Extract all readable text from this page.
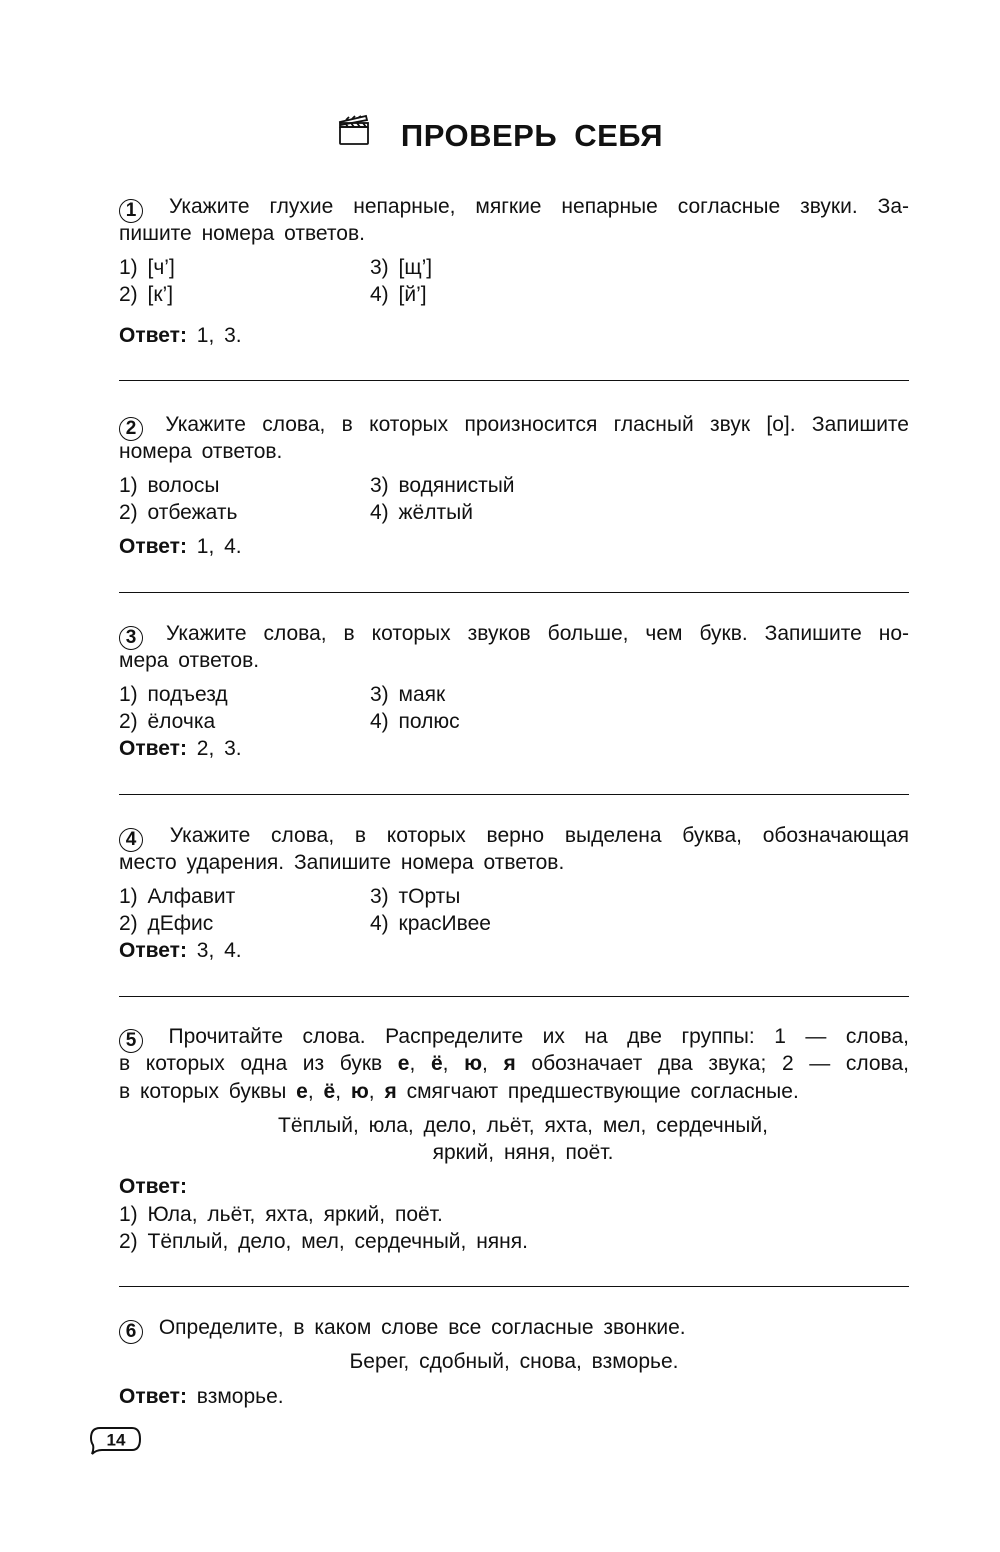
ПРОВЕРЬ СЕБЯ
1 Укажите глухие непарные, мягкие непарные согласные звуки. За-
пишите номера ответов.
1) [ч’]
2) [к’]
3) [щ’]
4) [й’]
Ответ: 1, 3.
2 Укажите слова, в которых произносится гласный звук [о]. Запишите
номера ответов.
1) волосы
2) отбежать
3) водянистый
4) жёлтый
Ответ: 1, 4.
3 Укажите слова, в которых звуков больше, чем букв. Запишите но-
мера ответов.
1) подъезд
2) ёлочка
3) маяк
4) полюс
Ответ: 2, 3.
4 Укажите слова, в которых верно выделена буква, обозначающая
место ударения. Запишите номера ответов.
1) Алфавит
2) дЕфис
3) тОрты
4) красИвее
Ответ: 3, 4.
5 Прочитайте слова. Распределите их на две группы: 1 — слова,
в которых одна из букв е, ё, ю, я обозначает два звука; 2 — слова,
в которых буквы е, ё, ю, я смягчают предшествующие согласные.
Тёплый, юла, дело, льёт, яхта, мел, сердечный,
яркий, няня, поёт.
Ответ:
1) Юла, льёт, яхта, яркий, поёт.
2) Тёплый, дело, мел, сердечный, няня.
6 Определите, в каком слове все согласные звонкие.
Берег, сдобный, снова, взморье.
Ответ: взморье.
14
